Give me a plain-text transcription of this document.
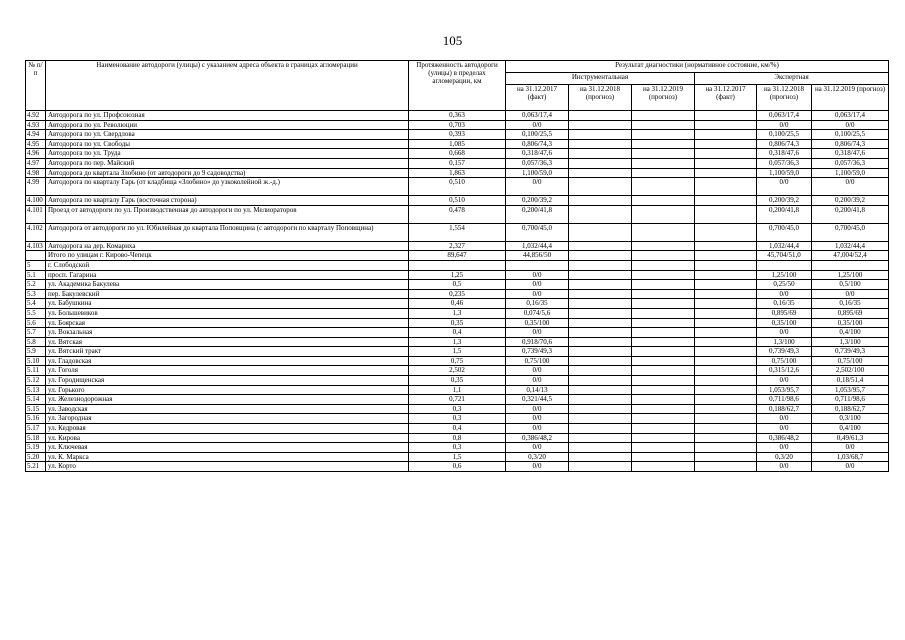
105
№ п/п	Наименование автодороги (улицы) с указанием адреса объекта в границах агломерации	Протяженность автодороги (улицы) в пределах агломерации, км	Результат диагностики (нормативное состояние, км/%)					
			Инструментальная			Экспертная		
			на 31.12.2017 (факт)	на 31.12.2018 (прогноз)	на 31.12.2019 (прогноз)	на 31.12.2017 (факт)	на 31.12.2018 (прогноз)	на 31.12.2019 (прогноз)
4.92	Автодорога по ул. Профсоюзная	0,363	0,063/17,4				0,063/17,4	0,063/17,4
4.93	Автодорога по ул. Революции	0,703	0/0				0/0	0/0
4.94	Автодорога по ул. Свердлова	0,393	0,100/25,5				0,100/25,5	0,100/25,5
4.95	Автодорога по ул. Свободы	1,085	0,806/74,3				0,806/74,3	0,806/74,3
4.96	Автодорога по ул. Труда	0,668	0,318/47,6				0,318/47,6	0,318/47,6
4.97	Автодорога по пер. Майский	0,157	0,057/36,3				0,057/36,3	0,057/36,3
4.98	Автодорога до квартала Злобино (от автодороги до 9 садоводства)	1,863	1,100/59,0				1,100/59,0	1,100/59,0
4.99	Автодорога по кварталу Гарь (от кладбища «Злобино» до узкоколейной ж.-д.)	0,510	0/0				0/0	0/0
4.100	Автодорога по кварталу Гарь (восточная сторона)	0,510	0,200/39,2				0,200/39,2	0,200/39,2
4.101	Проезд от автодороги по ул. Производственная до автодороги по ул. Мелиораторов	0,478	0,200/41,8				0,200/41,8	0,200/41,8
4.102	Автодорога от автодороги по ул. Юбилейная до квартала Поповщина (с автодороги по кварталу Поповщина)	1,554	0,700/45,0				0,700/45,0	0,700/45,0
4.103	Автодорога на дер. Комариха	2,327	1,032/44,4				1,032/44,4	1,032/44,4
	Итого по улицам г. Кирово-Чепецк	89,647	44,856/50				45,704/51,0	47,004/52,4
5	г. Слободской							
5.1	просп. Гагарина	1,25	0/0				1,25/100	1,25/100
5.2	ул. Академика Бакулева	0,5	0/0				0,25/50	0,5/100
5.3	пер. Бакулевский	0,235	0/0				0/0	0/0
5.4	ул. Бабушкина	0,46	0,16/35				0,16/35	0,16/35
5.5	ул. Большевиков	1,3	0,074/5,6				0,895/69	0,895/69
5.6	ул. Боярская	0,35	0,35/100				0,35/100	0,35/100
5.7	ул. Вокзальная	0,4	0/0				0/0	0,4/100
5.8	ул. Вятская	1,3	0,918/70,6				1,3/100	1,3/100
5.9	ул. Вятский тракт	1,5	0,739/49,3				0,739/49,3	0,739/49,3
5.10	ул. Гладовская	0,75	0,75/100				0,75/100	0,75/100
5.11	ул. Гоголя	2,502	0/0				0,315/12,6	2,502/100
5.12	ул. Городищенская	0,35	0/0				0/0	0,18/51,4
5.13	ул. Горького	1,1	0,14/13				1,053/95,7	1,053/95,7
5.14	ул. Железнодорожная	0,721	0,321/44,5				0,711/98,6	0,711/98,6
5.15	ул. Заводская	0,3	0/0				0,188/62,7	0,188/62,7
5.16	ул. Загородная	0,3	0/0				0/0	0,3/100
5.17	ул. Кедровая	0,4	0/0				0/0	0,4/100
5.18	ул. Кирова	0,8	0,386/48,2				0,386/48,2	0,49/61,3
5.19	ул. Ключевая	0,3	0/0				0/0	0/0
5.20	ул. К. Маркса	1,5	0,3/20				0,3/20	1,03/68,7
5.21	ул. Корто	0,6	0/0				0/0	0/0
